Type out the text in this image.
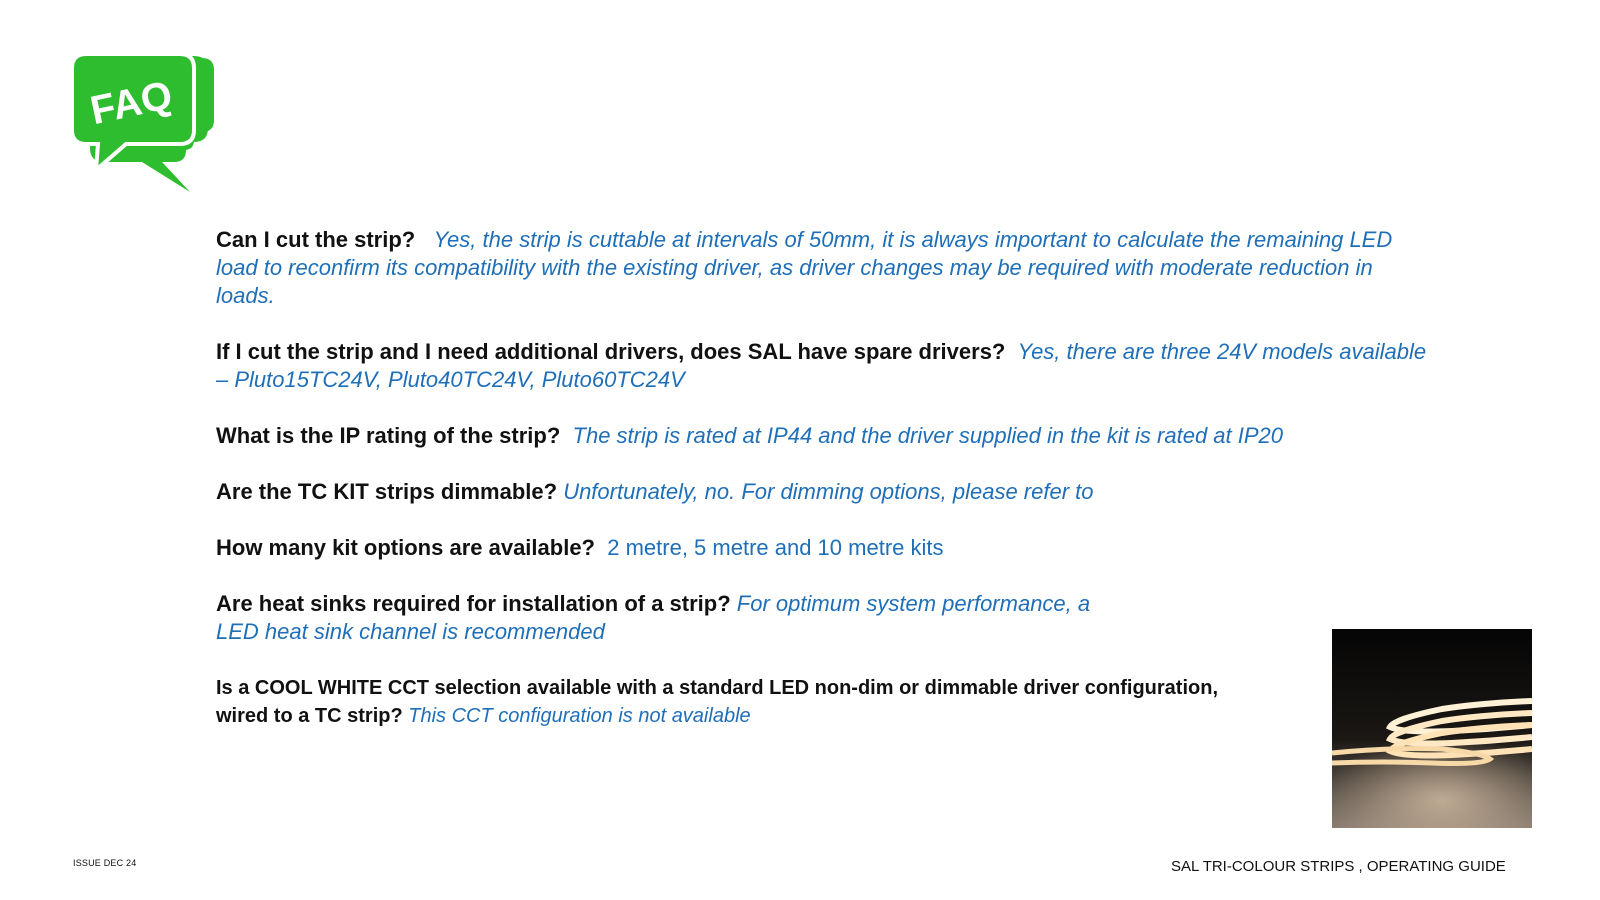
FAQ

Can I cut the strip? Yes, the strip is cuttable at intervals of 50mm, it is always important to calculate the remaining LED load to reconfirm its compatibility with the existing driver, as driver changes may be required with moderate reduction in loads.

If I cut the strip and I need additional drivers, does SAL have spare drivers? Yes, there are three 24V models available – Pluto15TC24V, Pluto40TC24V, Pluto60TC24V

What is the IP rating of the strip? The strip is rated at IP44 and the driver supplied in the kit is rated at IP20

Are the TC KIT strips dimmable? Unfortunately, no. For dimming options, please refer to

How many kit options are available? 2 metre, 5 metre and 10 metre kits

Are heat sinks required for installation of a strip? For optimum system performance, a
LED heat sink channel is recommended

Is a COOL WHITE CCT selection available with a standard LED non-dim or dimmable driver configuration,
wired to a TC strip? This CCT configuration is not available

ISSUE DEC 24	SAL TRI-COLOUR STRIPS , OPERATING GUIDE
